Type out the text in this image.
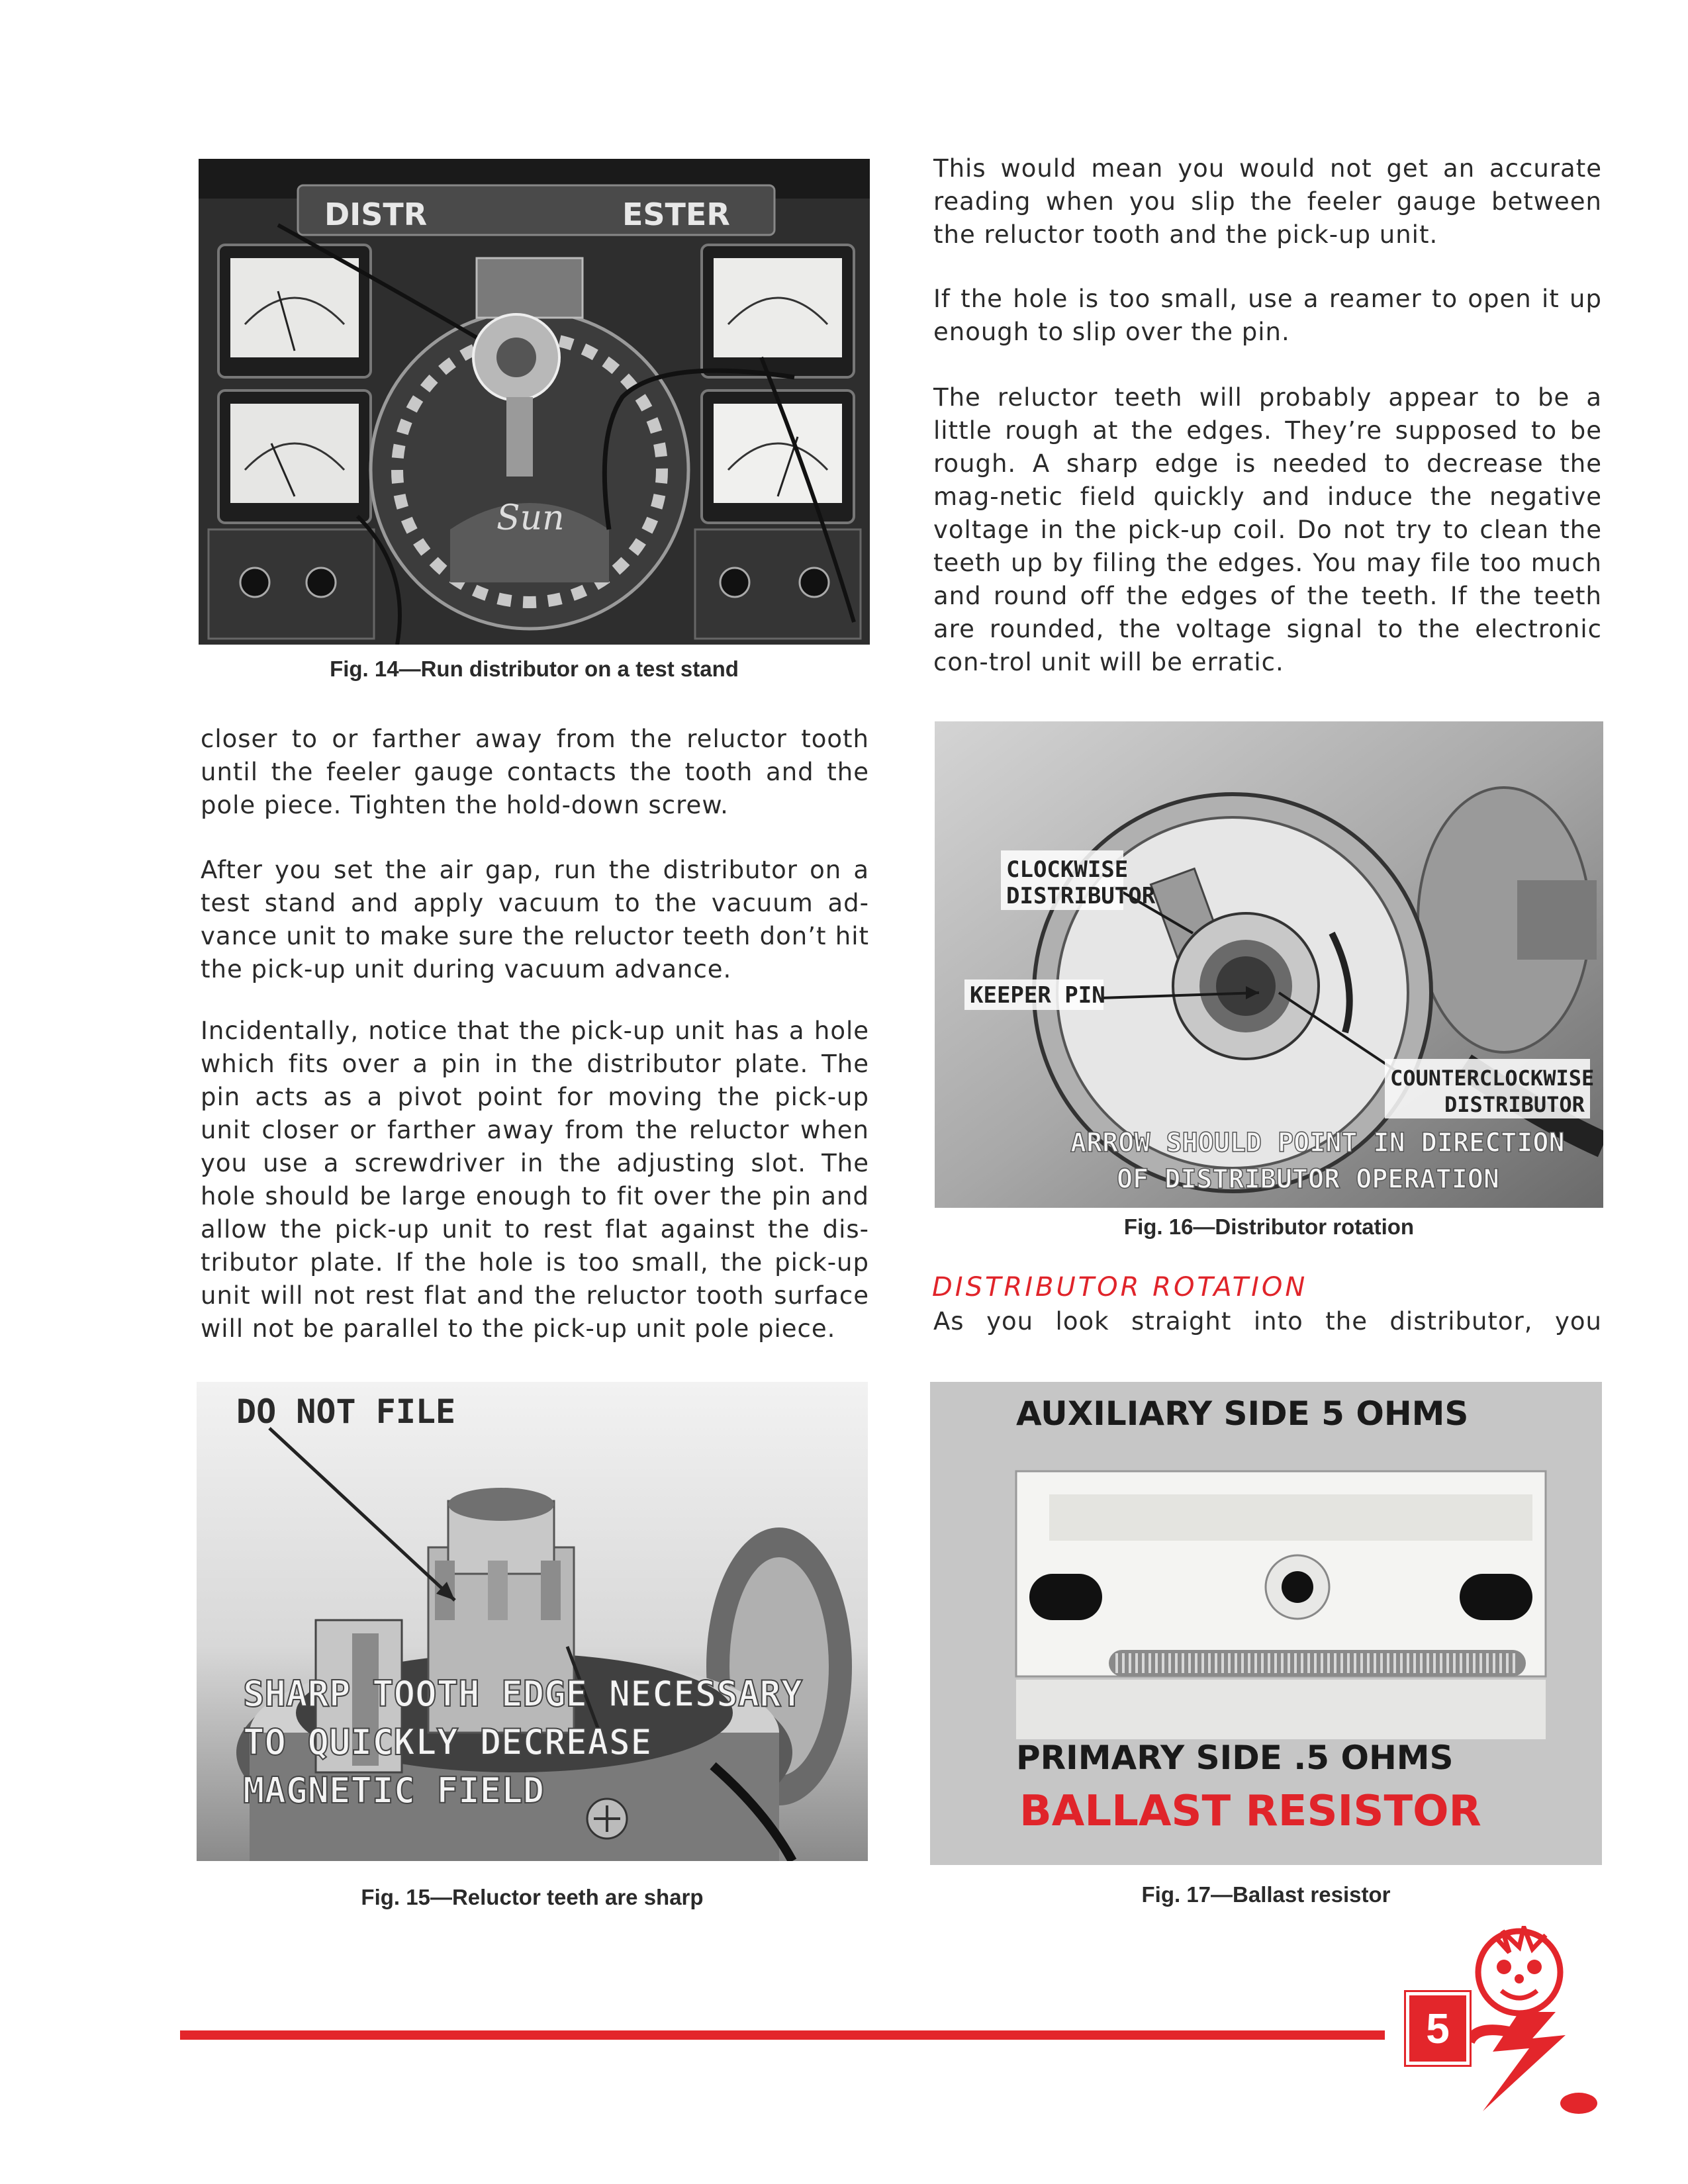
DISTR	ESTER
Sun

Fig. 14—Run distributor on a test stand

closer to or farther away from the reluctor tooth until the feeler gauge contacts the tooth and the pole piece. Tighten the hold-down screw.

After you set the air gap, run the distributor on a test stand and apply vacuum to the vacuum ad-vance unit to make sure the reluctor teeth don’t hit the pick-up unit during vacuum advance.

Incidentally, notice that the pick-up unit has a hole which fits over a pin in the distributor plate. The pin acts as a pivot point for moving the pick-up unit closer or farther away from the reluctor when you use a screwdriver in the adjusting slot. The hole should be large enough to fit over the pin and allow the pick-up unit to rest flat against the dis-tributor plate. If the hole is too small, the pick-up unit will not rest flat and the reluctor tooth surface will not be parallel to the pick-up unit pole piece.

DO NOT FILE
SHARP TOOTH EDGE NECESSARY
TO QUICKLY DECREASE
MAGNETIC FIELD

Fig. 15—Reluctor teeth are sharp

This would mean you would not get an accurate reading when you slip the feeler gauge between the reluctor tooth and the pick-up unit.

If the hole is too small, use a reamer to open it up enough to slip over the pin.

The reluctor teeth will probably appear to be a little rough at the edges. They’re supposed to be rough. A sharp edge is needed to decrease the mag-netic field quickly and induce the negative voltage in the pick-up coil. Do not try to clean the teeth up by filing the edges. You may file too much and round off the edges of the teeth. If the teeth are rounded, the voltage signal to the electronic con-trol unit will be erratic.

CLOCKWISE
DISTRIBUTOR
KEEPER PIN
COUNTERCLOCKWISE
DISTRIBUTOR
ARROW SHOULD POINT IN DIRECTION
OF DISTRIBUTOR OPERATION

Fig. 16—Distributor rotation

DISTRIBUTOR ROTATION

As you look straight into the distributor, you

AUXILIARY SIDE 5 OHMS
PRIMARY SIDE .5 OHMS
BALLAST RESISTOR

Fig. 17—Ballast resistor

5
